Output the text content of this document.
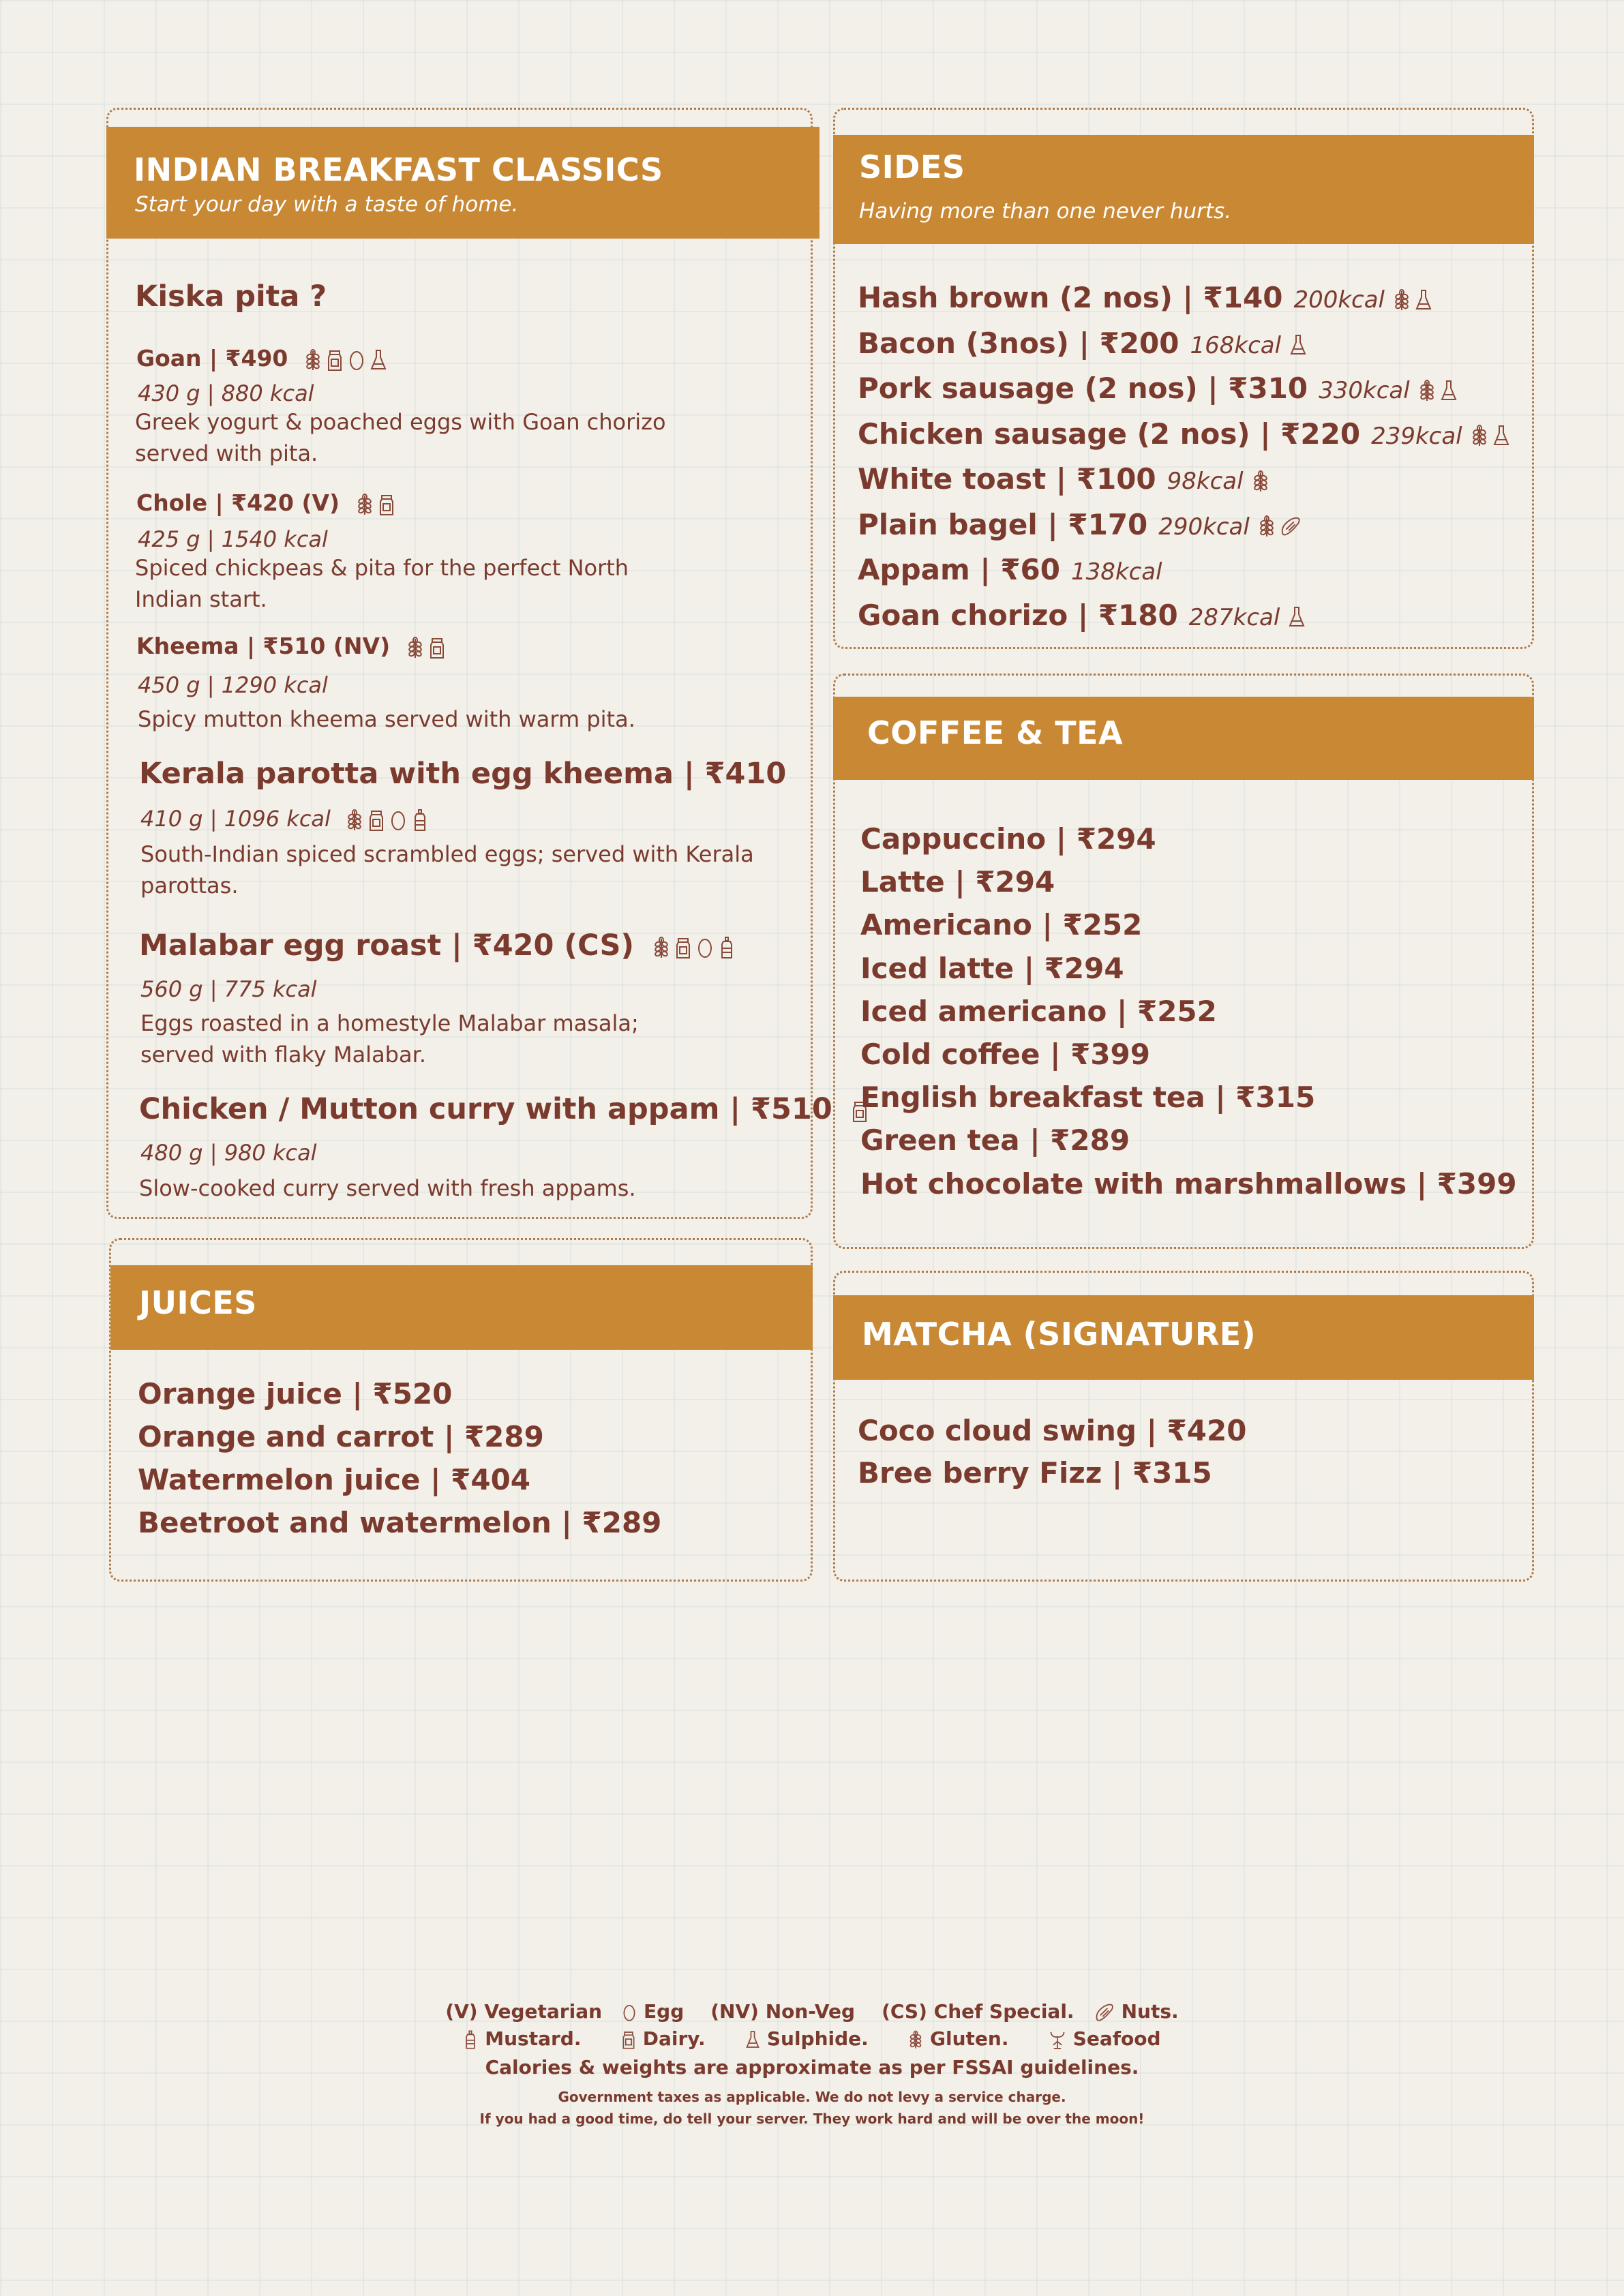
INDIAN BREAKFAST CLASSICS
Start your day with a taste of home.
Kiska pita ?
Goan | ₹490
430 g | 880 kcal
Greek yogurt & poached eggs with Goan chorizo
served with pita.
Chole | ₹420 (V)
425 g | 1540 kcal
Spiced chickpeas & pita for the perfect North
Indian start.
Kheema | ₹510 (NV)
450 g | 1290 kcal
Spicy mutton kheema served with warm pita.
Kerala parotta with egg kheema | ₹410
410 g | 1096 kcal
South-Indian spiced scrambled eggs; served with Kerala
parottas.
Malabar egg roast | ₹420 (CS)
560 g | 775 kcal
Eggs roasted in a homestyle Malabar masala;
served with flaky Malabar.
Chicken / Mutton curry with appam | ₹510
480 g | 980 kcal
Slow-cooked curry served with fresh appams.
SIDES
Having more than one never hurts.
Hash brown (2 nos) | ₹140 200kcal
Bacon (3nos) | ₹200 168kcal
Pork sausage (2 nos) | ₹310 330kcal
Chicken sausage (2 nos) | ₹220 239kcal
White toast | ₹100 98kcal
Plain bagel | ₹170 290kcal
Appam | ₹60 138kcal
Goan chorizo | ₹180 287kcal
COFFEE & TEA
Cappuccino | ₹294
Latte | ₹294
Americano | ₹252
Iced latte | ₹294
Iced americano | ₹252
Cold coffee | ₹399
English breakfast tea | ₹315
Green tea | ₹289
Hot chocolate with marshmallows | ₹399
JUICES
Orange juice | ₹520
Orange and carrot | ₹289
Watermelon juice | ₹404
Beetroot and watermelon | ₹289
MATCHA (SIGNATURE)
Coco cloud swing | ₹420
Bree berry Fizz | ₹315
(V) Vegetarian Egg (NV) Non-Veg (CS) Chef Special. Nuts.
Mustard.	Dairy.	Sulphide.	Gluten.	Seafood
Calories & weights are approximate as per FSSAI guidelines.
Government taxes as applicable. We do not levy a service charge.
If you had a good time, do tell your server. They work hard and will be over the moon!
